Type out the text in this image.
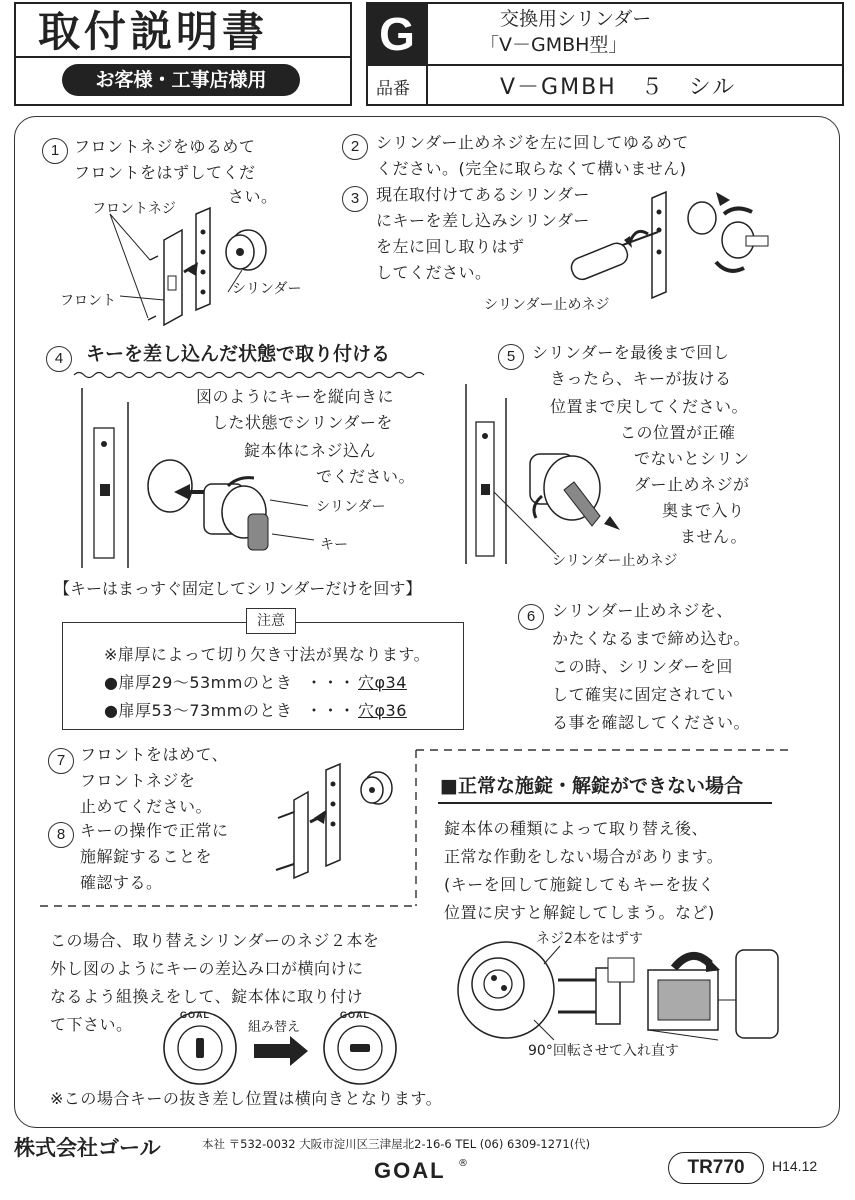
取付説明書
お客様・工事店様用
G	交換用シリンダー
「V－GMBH型」
品番	V－GMBH　５　シル
1 フロントネジをゆるめて
フロントをはずしてくだ
さい。
フロントネジ
フロント
シリンダー
2	シリンダー止めネジを左に回してゆるめて
ください。(完全に取らなくて構いません)
3	現在取付けてあるシリンダー
にキーを差し込みシリンダー
を左に回し取りはず
してください。
シリンダー止めネジ
4	キーを差し込んだ状態で取り付ける
図のようにキーを縦向きに
した状態でシリンダーを
錠本体にネジ込ん
でください。
シリンダー
キー
5	シリンダーを最後まで回し
きったら、キーが抜ける
位置まで戻してください。
この位置が正確
でないとシリン
ダー止めネジが
奥まで入り
ません。
シリンダー止めネジ
【キーはまっすぐ固定してシリンダーだけを回す】
注意
※扉厚によって切り欠き寸法が異なります。
●扉厚29～53mmのとき ・・・ 穴φ34
●扉厚53～73mmのとき ・・・ 穴φ36
6	シリンダー止めネジを、
かたくなるまで締め込む。
この時、シリンダーを回
して確実に固定されてい
る事を確認してください。
7 フロントをはめて、
フロントネジを
止めてください。
8 キーの操作で正常に
施解錠することを
確認する。
■正常な施錠・解錠ができない場合
錠本体の種類によって取り替え後、
正常な作動をしない場合があります。
(キーを回して施錠してもキーを抜く
位置に戻すと解錠してしまう。など)
ネジ2本をはずす
90°回転させて入れ直す
この場合、取り替えシリンダーのネジ２本を
外し図のようにキーの差込み口が横向けに
なるよう組換えをして、錠本体に取り付け
て下さい。	GOAL
組み替え
GOAL
※この場合キーの抜き差し位置は横向きとなります。
株式会社ゴール	本社 〒532-0032 大阪市淀川区三津屋北2-16-6 TEL (06) 6309-1271(代)
GOAL ®	TR770	H14.12
